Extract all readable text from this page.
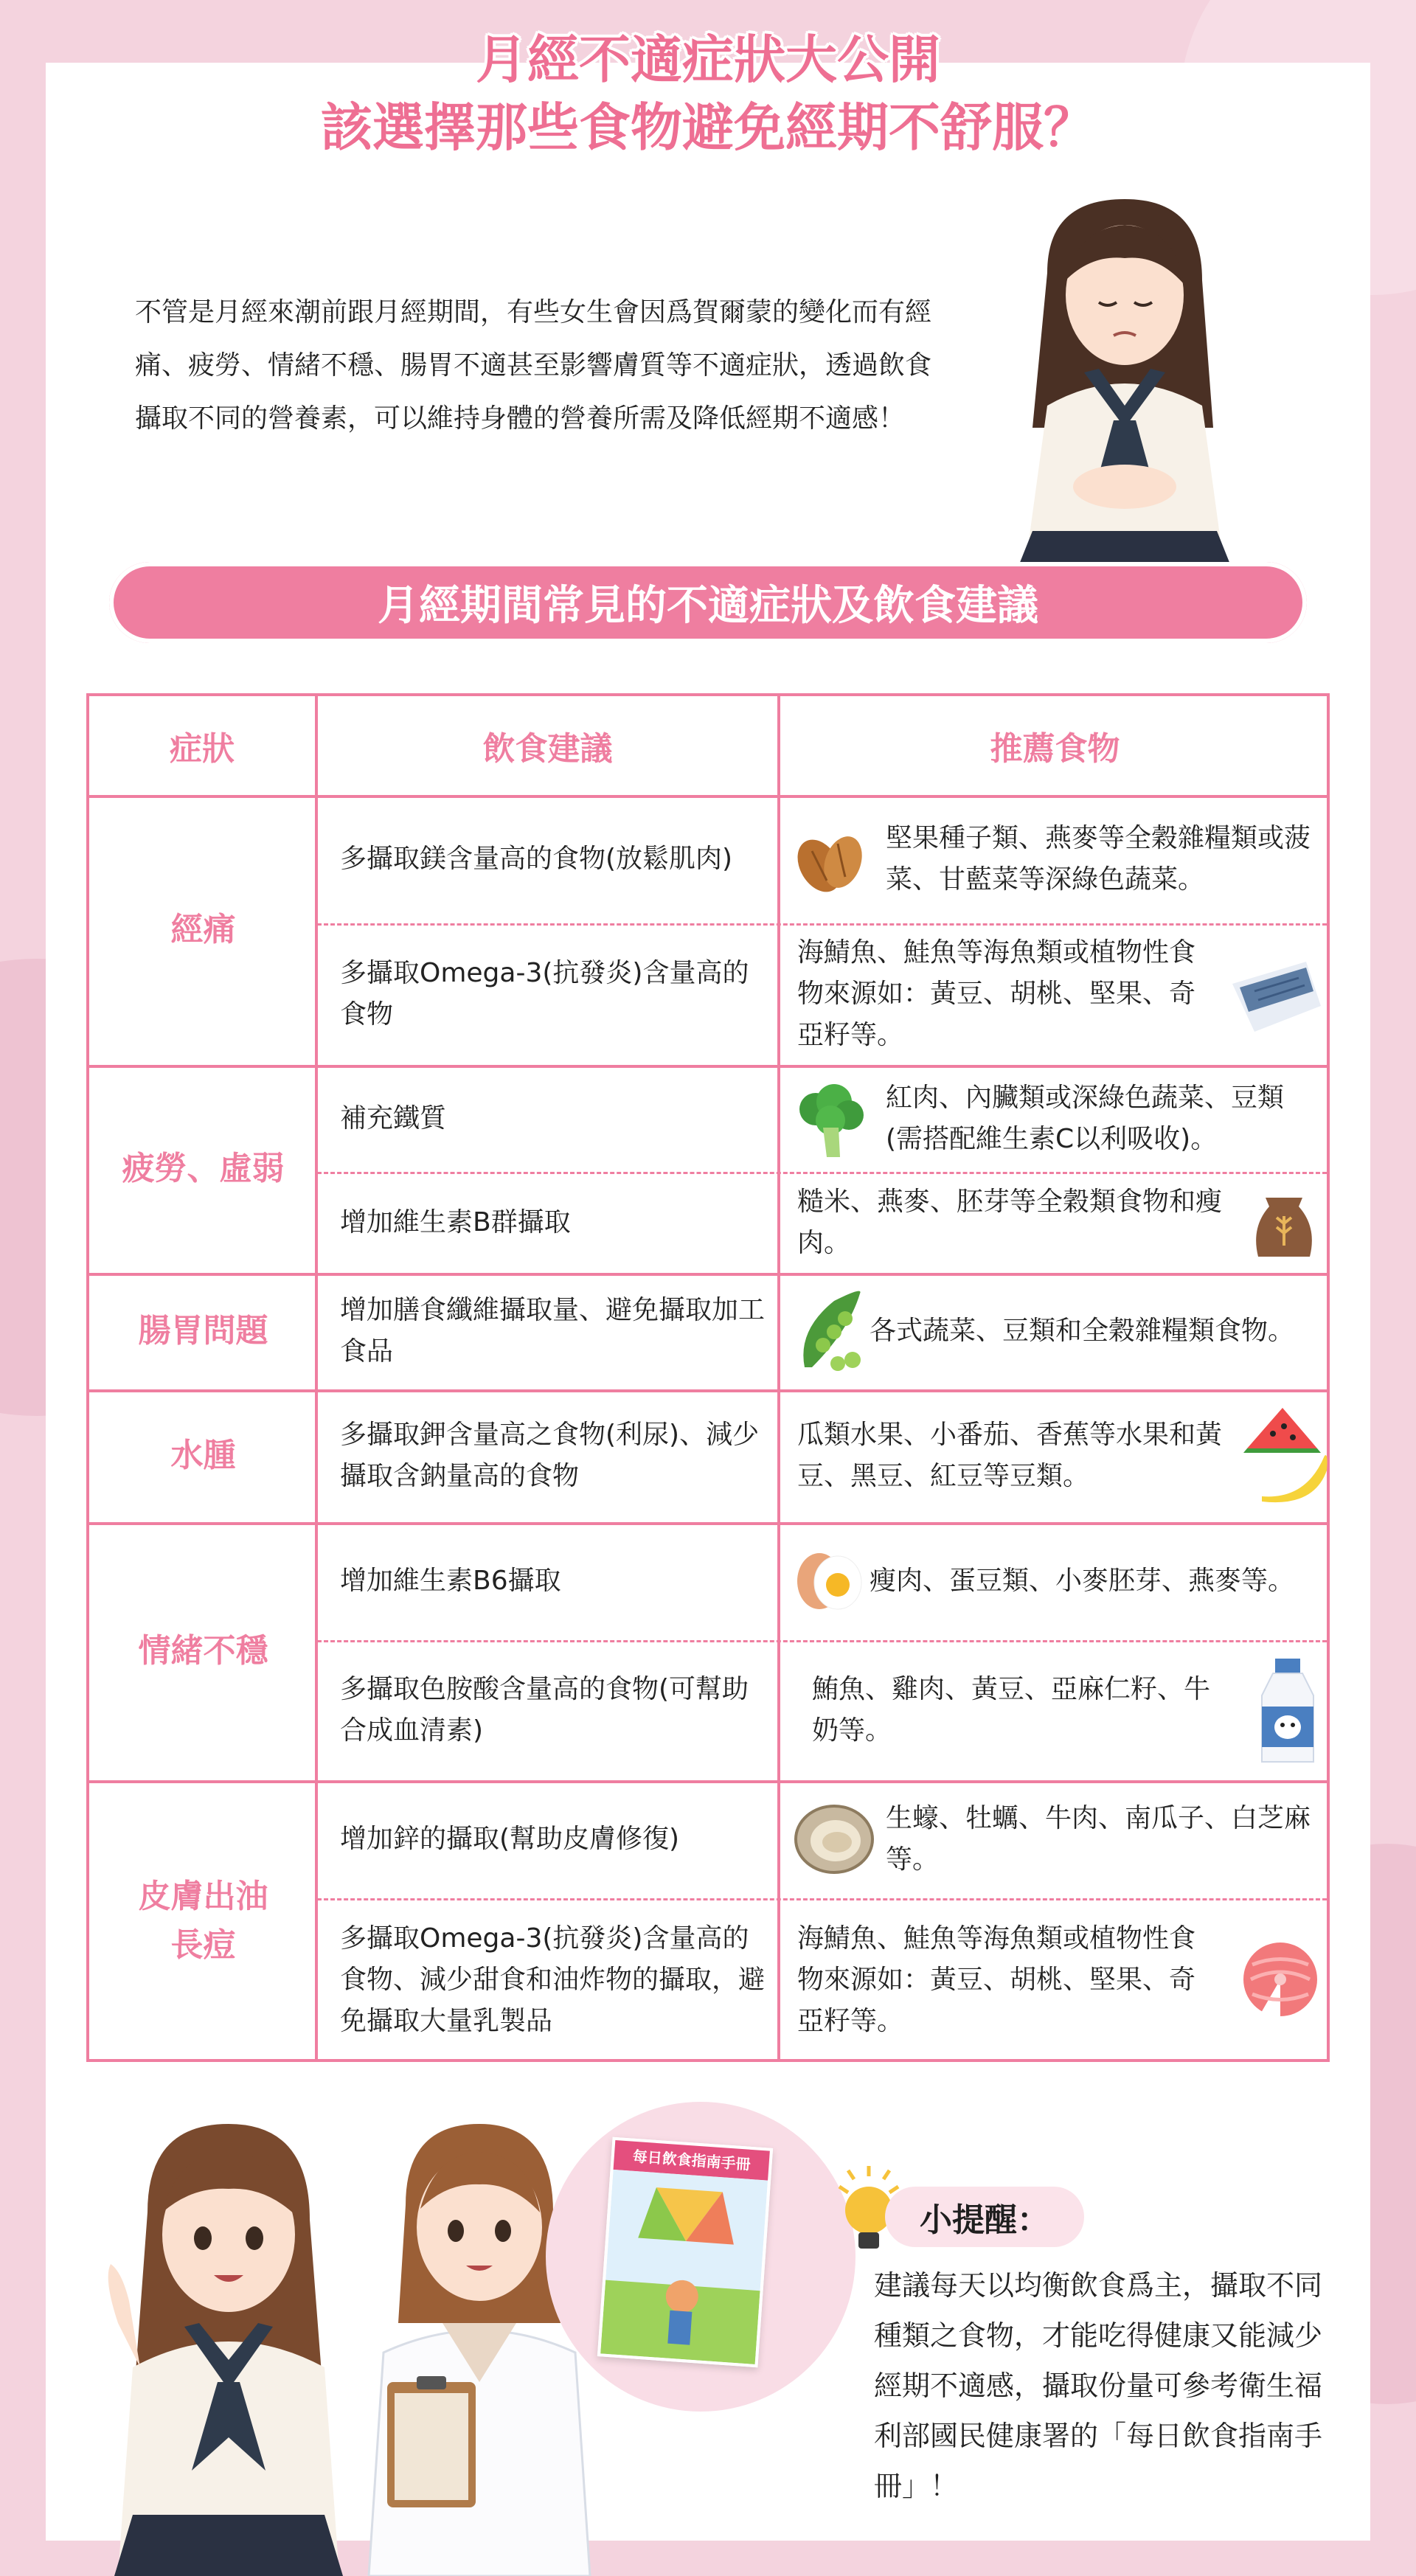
月經不適症狀大公開
該選擇那些食物避免經期不舒服？
不管是月經來潮前跟月經期間，有些女生會因爲賀爾蒙的變化而有經痛、疲勞、情緒不穩、腸胃不適甚至影響膚質等不適症狀，透過飲食攝取不同的營養素，可以維持身體的營養所需及降低經期不適感！
月經期間常見的不適症狀及飲食建議
症狀	飲食建議	推薦食物
經痛
疲勞、虛弱
腸胃問題
水腫
情緒不穩
皮膚出油長痘
多攝取鎂含量高的食物(放鬆肌肉)
多攝取Omega-3(抗發炎)含量高的食物
補充鐵質
增加維生素B群攝取
增加膳食纖維攝取量、避免攝取加工食品
多攝取鉀含量高之食物(利尿)、減少攝取含鈉量高的食物
增加維生素B6攝取
多攝取色胺酸含量高的食物(可幫助合成血清素)
增加鋅的攝取(幫助皮膚修復)
多攝取Omega-3(抗發炎)含量高的食物、減少甜食和油炸物的攝取，避免攝取大量乳製品
堅果種子類、燕麥等全穀雜糧類或菠菜、甘藍菜等深綠色蔬菜。
海鯖魚、鮭魚等海魚類或植物性食物來源如：黃豆、胡桃、堅果、奇亞籽等。
紅肉、內臟類或深綠色蔬菜、豆類(需搭配維生素C以利吸收)。
糙米、燕麥、胚芽等全穀類食物和瘦肉。
各式蔬菜、豆類和全穀雜糧類食物。
瓜類水果、小番茄、香蕉等水果和黃豆、黑豆、紅豆等豆類。
瘦肉、蛋豆類、小麥胚芽、燕麥等。
鮪魚、雞肉、黃豆、亞麻仁籽、牛奶等。
生蠔、牡蠣、牛肉、南瓜子、白芝麻等。
海鯖魚、鮭魚等海魚類或植物性食物來源如：黃豆、胡桃、堅果、奇亞籽等。
每日飲食指南手冊
小提醒：
建議每天以均衡飲食爲主，攝取不同種類之食物，才能吃得健康又能減少經期不適感，攝取份量可參考衛生福利部國民健康署的「每日飲食指南手冊」！
